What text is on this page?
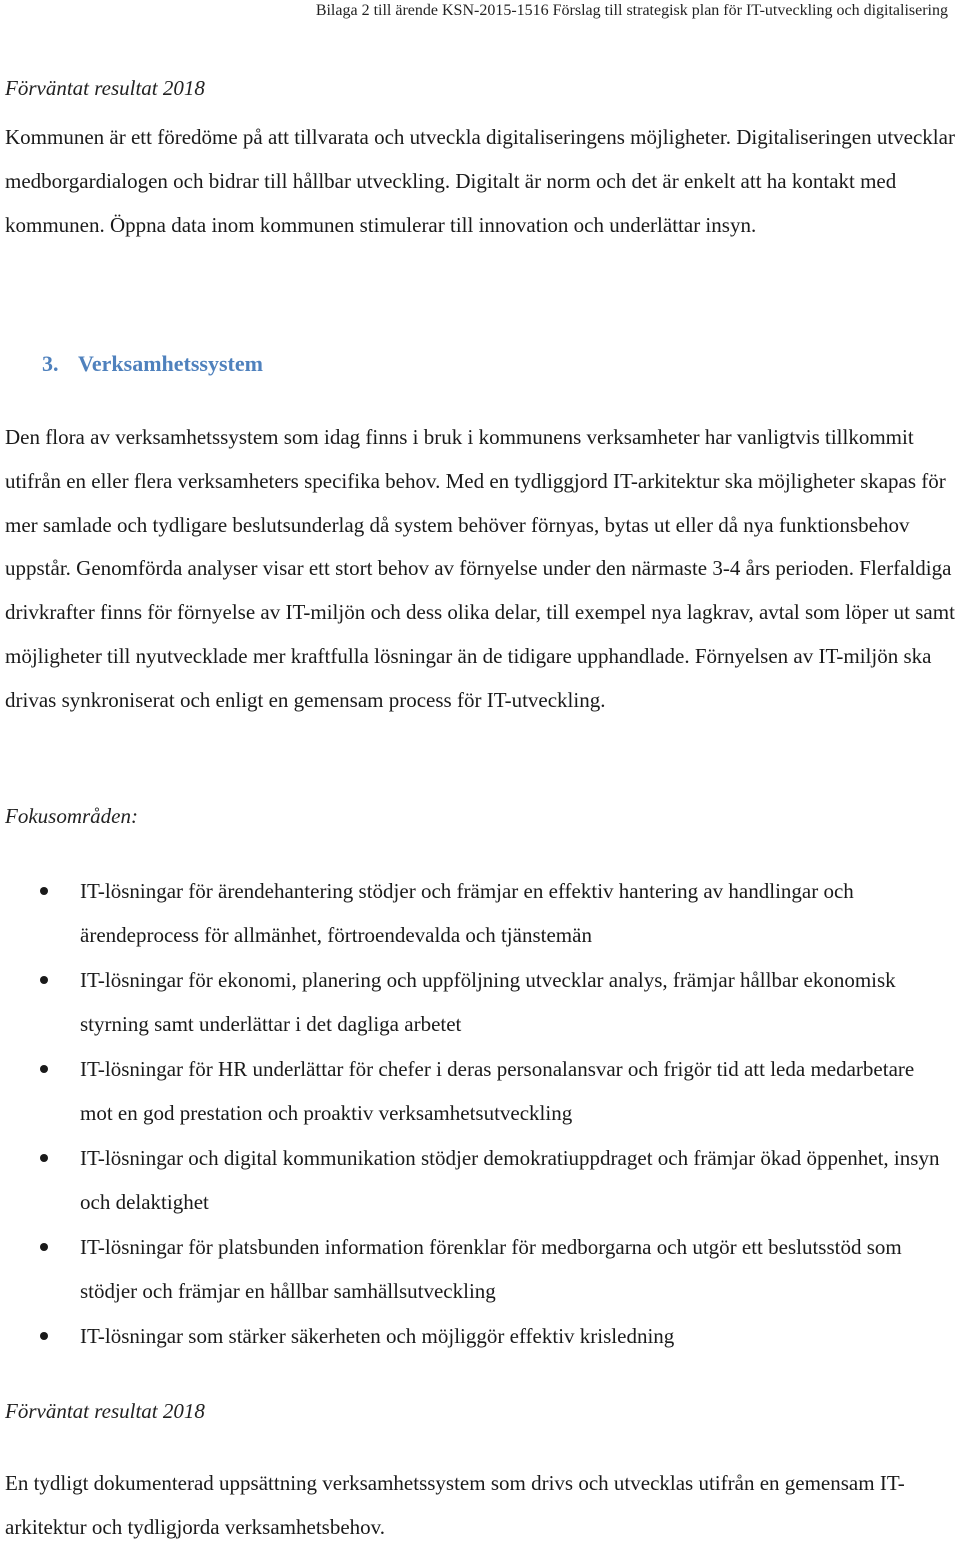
Bilaga 2 till ärende KSN-2015-1516 Förslag till strategisk plan för IT-utveckling och digitalisering
Förväntat resultat 2018
Kommunen är ett föredöme på att tillvarata och utveckla digitaliseringens möjligheter. Digitaliseringen utvecklar medborgardialogen och bidrar till hållbar utveckling. Digitalt är norm och det är enkelt att ha kontakt med kommunen. Öppna data inom kommunen stimulerar till innovation och underlättar insyn.
3. Verksamhetssystem
Den flora av verksamhetssystem som idag finns i bruk i kommunens verksamheter har vanligtvis tillkommit utifrån en eller flera verksamheters specifika behov. Med en tydliggjord IT-arkitektur ska möjligheter skapas för mer samlade och tydligare beslutsunderlag då system behöver förnyas, bytas ut eller då nya funktionsbehov uppstår. Genomförda analyser visar ett stort behov av förnyelse under den närmaste 3-4 års perioden. Flerfaldiga drivkrafter finns för förnyelse av IT-miljön och dess olika delar, till exempel nya lagkrav, avtal som löper ut samt möjligheter till nyutvecklade mer kraftfulla lösningar än de tidigare upphandlade. Förnyelsen av IT-miljön ska drivas synkroniserat och enligt en gemensam process för IT-utveckling.
Fokusområden:
IT-lösningar för ärendehantering stödjer och främjar en effektiv hantering av handlingar och ärendeprocess för allmänhet, förtroendevalda och tjänstemän
IT-lösningar för ekonomi, planering och uppföljning utvecklar analys, främjar hållbar ekonomisk styrning samt underlättar i det dagliga arbetet
IT-lösningar för HR underlättar för chefer i deras personalansvar och frigör tid att leda medarbetare mot en god prestation och proaktiv verksamhetsutveckling
IT-lösningar och digital kommunikation stödjer demokratiuppdraget och främjar ökad öppenhet, insyn och delaktighet
IT-lösningar för platsbunden information förenklar för medborgarna och utgör ett beslutsstöd som stödjer och främjar en hållbar samhällsutveckling
IT-lösningar som stärker säkerheten och möjliggör effektiv krisledning
Förväntat resultat 2018
En tydligt dokumenterad uppsättning verksamhetssystem som drivs och utvecklas utifrån en gemensam IT-arkitektur och tydligjorda verksamhetsbehov.
